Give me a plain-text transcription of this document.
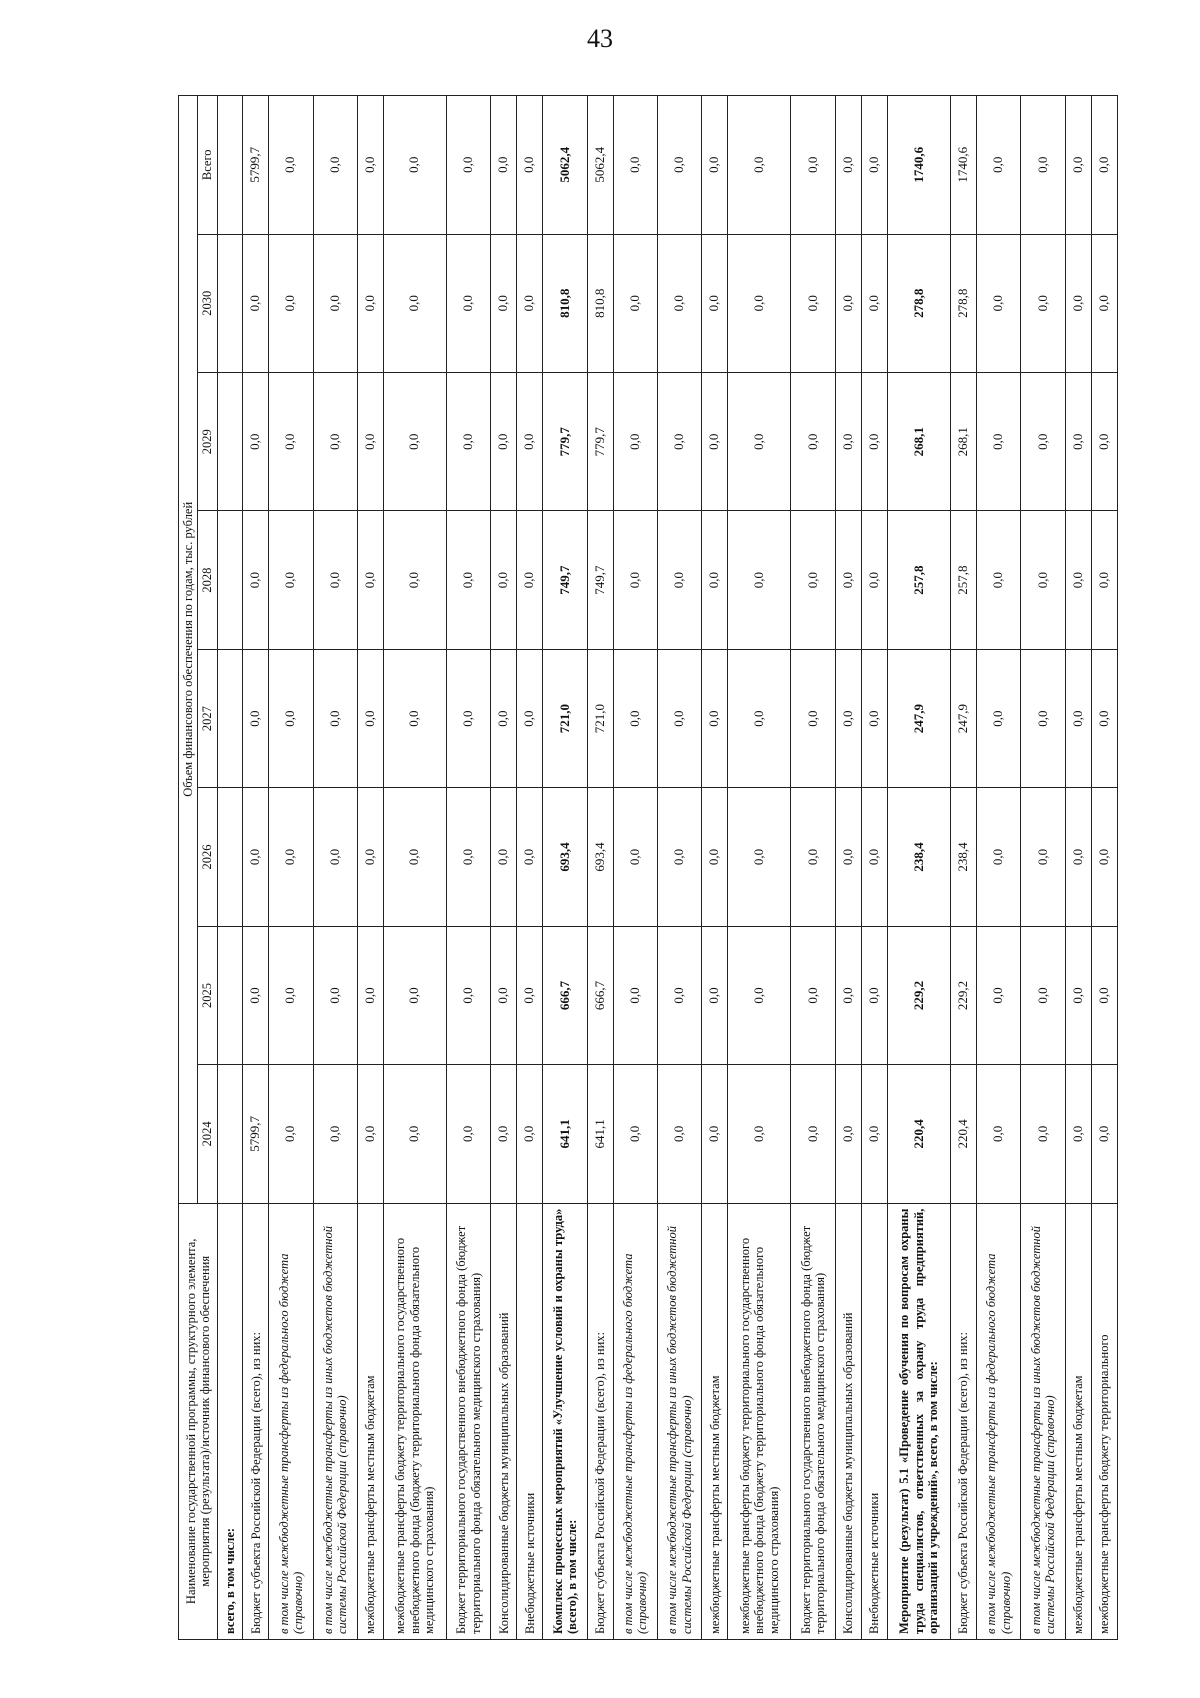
43
Наименование государственной программы, структурного элемента, мероприятия (результата)/источник финансового обеспечения	Объем финансового обеспечения по годам, тыс. рублей							
	2024	2025	2026	2027	2028	2029	2030	Всего
всего, в том числе:								
Бюджет субъекта Российской Федерации (всего), из них:	5799,7	0,0	0,0	0,0	0,0	0,0	0,0	5799,7
в том числе межбюджетные трансферты из федерального бюджета (справочно)	0,0	0,0	0,0	0,0	0,0	0,0	0,0	0,0
в том числе межбюджетные трансферты из иных бюджетов бюджетной системы Российской Федерации (справочно)	0,0	0,0	0,0	0,0	0,0	0,0	0,0	0,0
межбюджетные трансферты местным бюджетам	0,0	0,0	0,0	0,0	0,0	0,0	0,0	0,0
межбюджетные трансферты бюджету территориального государственного внебюджетного фонда (бюджету территориального фонда обязательного медицинского страхования)	0,0	0,0	0,0	0,0	0,0	0,0	0,0	0,0
Бюджет территориального государственного внебюджетного фонда (бюджет территориального фонда обязательного медицинского страхования)	0,0	0,0	0,0	0,0	0,0	0,0	0,0	0,0
Консолидированные бюджеты муниципальных образований	0,0	0,0	0,0	0,0	0,0	0,0	0,0	0,0
Внебюджетные источники	0,0	0,0	0,0	0,0	0,0	0,0	0,0	0,0
Комплекс процессных мероприятий «Улучшение условий и охраны труда» (всего), в том числе:	641,1	666,7	693,4	721,0	749,7	779,7	810,8	5062,4
Бюджет субъекта Российской Федерации (всего), из них:	641,1	666,7	693,4	721,0	749,7	779,7	810,8	5062,4
в том числе межбюджетные трансферты из федерального бюджета (справочно)	0,0	0,0	0,0	0,0	0,0	0,0	0,0	0,0
в том числе межбюджетные трансферты из иных бюджетов бюджетной системы Российской Федерации (справочно)	0,0	0,0	0,0	0,0	0,0	0,0	0,0	0,0
межбюджетные трансферты местным бюджетам	0,0	0,0	0,0	0,0	0,0	0,0	0,0	0,0
межбюджетные трансферты бюджету территориального государственного внебюджетного фонда (бюджету территориального фонда обязательного медицинского страхования)	0,0	0,0	0,0	0,0	0,0	0,0	0,0	0,0
Бюджет территориального государственного внебюджетного фонда (бюджет территориального фонда обязательного медицинского страхования)	0,0	0,0	0,0	0,0	0,0	0,0	0,0	0,0
Консолидированные бюджеты муниципальных образований	0,0	0,0	0,0	0,0	0,0	0,0	0,0	0,0
Внебюджетные источники	0,0	0,0	0,0	0,0	0,0	0,0	0,0	0,0
Мероприятие (результат) 5.1 «Проведение обучения по вопросам охраны труда специалистов, ответственных за охрану труда предприятий, организаций и учреждений», всего, в том числе:	220,4	229,2	238,4	247,9	257,8	268,1	278,8	1740,6
Бюджет субъекта Российской Федерации (всего), из них:	220,4	229,2	238,4	247,9	257,8	268,1	278,8	1740,6
в том числе межбюджетные трансферты из федерального бюджета (справочно)	0,0	0,0	0,0	0,0	0,0	0,0	0,0	0,0
в том числе межбюджетные трансферты из иных бюджетов бюджетной системы Российской Федерации (справочно)	0,0	0,0	0,0	0,0	0,0	0,0	0,0	0,0
межбюджетные трансферты местным бюджетам	0,0	0,0	0,0	0,0	0,0	0,0	0,0	0,0
межбюджетные трансферты бюджету территориального	0,0	0,0	0,0	0,0	0,0	0,0	0,0	0,0
